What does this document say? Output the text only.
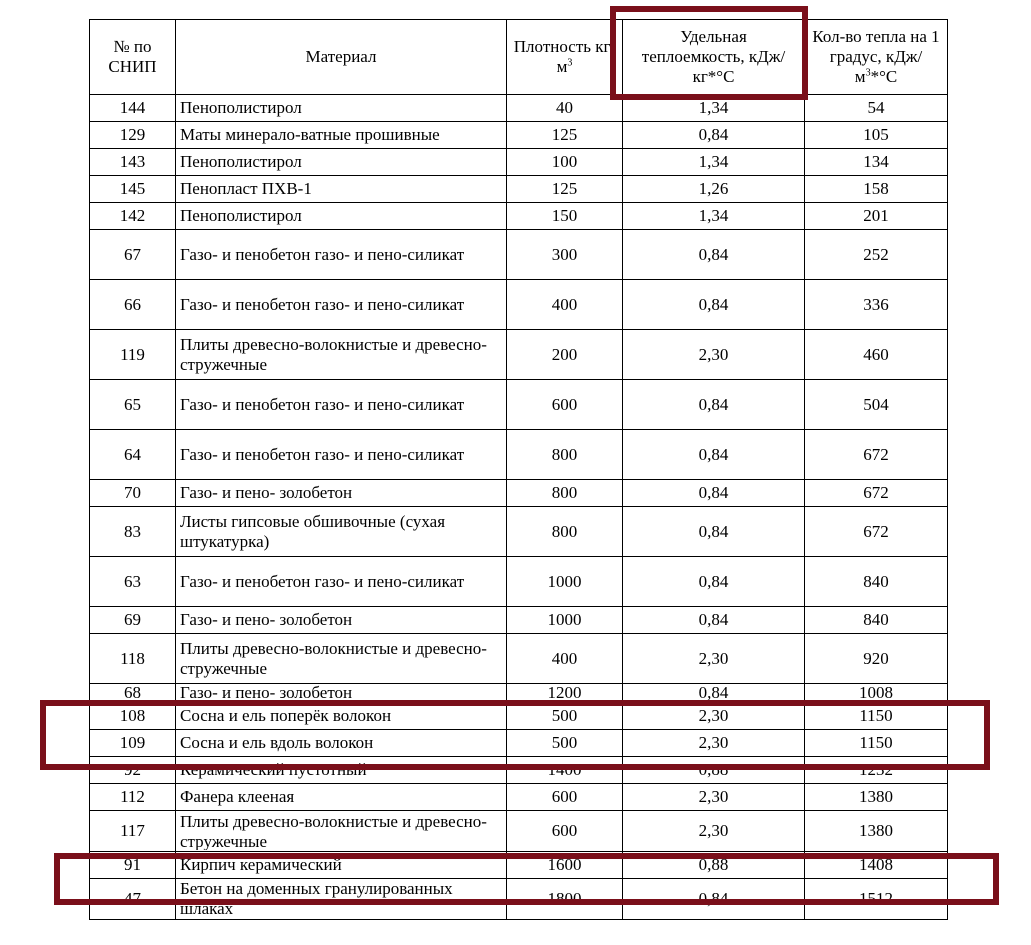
№ по СНИП	Материал	Плотность $кг/м^3$	Удельная теплоемкость, кДж/кг*°С	Кол-во тепла на 1 градус, кДж/$м^3*^\circ С$
144	Пенополистирол	40	1,34	54
129	Маты минерало-ватные прошивные	125	0,84	105
143	Пенополистирол	100	1,34	134
145	Пенопласт ПХВ-1	125	1,26	158
142	Пенополистирол	150	1,34	201
67	Газо- и пенобетон газо- и пено-силикат	300	0,84	252
66	Газо- и пенобетон газо- и пено-силикат	400	0,84	336
119	Плиты древесно-волокнистые и древесно-стружечные	200	2,30	460
65	Газо- и пенобетон газо- и пено-силикат	600	0,84	504
64	Газо- и пенобетон газо- и пено-силикат	800	0,84	672
70	Газо- и пено- золобетон	800	0,84	672
83	Листы гипсовые обшивочные (сухая штукатурка)	800	0,84	672
63	Газо- и пенобетон газо- и пено-силикат	1000	0,84	840
69	Газо- и пено- золобетон	1000	0,84	840
118	Плиты древесно-волокнистые и древесно-стружечные	400	2,30	920
68	Газо- и пено- золобетон	1200	0,84	1008
108	Сосна и ель поперёк волокон	500	2,30	1150
109	Сосна и ель вдоль волокон	500	2,30	1150
92	Керамический пустотный	1400	0,88	1232
112	Фанера клееная	600	2,30	1380
117	Плиты древесно-волокнистые и древесно-стружечные	600	2,30	1380
91	Кирпич керамический	1600	0,88	1408
47	Бетон на доменных гранулированных шлаках	1800	0,84	1512
